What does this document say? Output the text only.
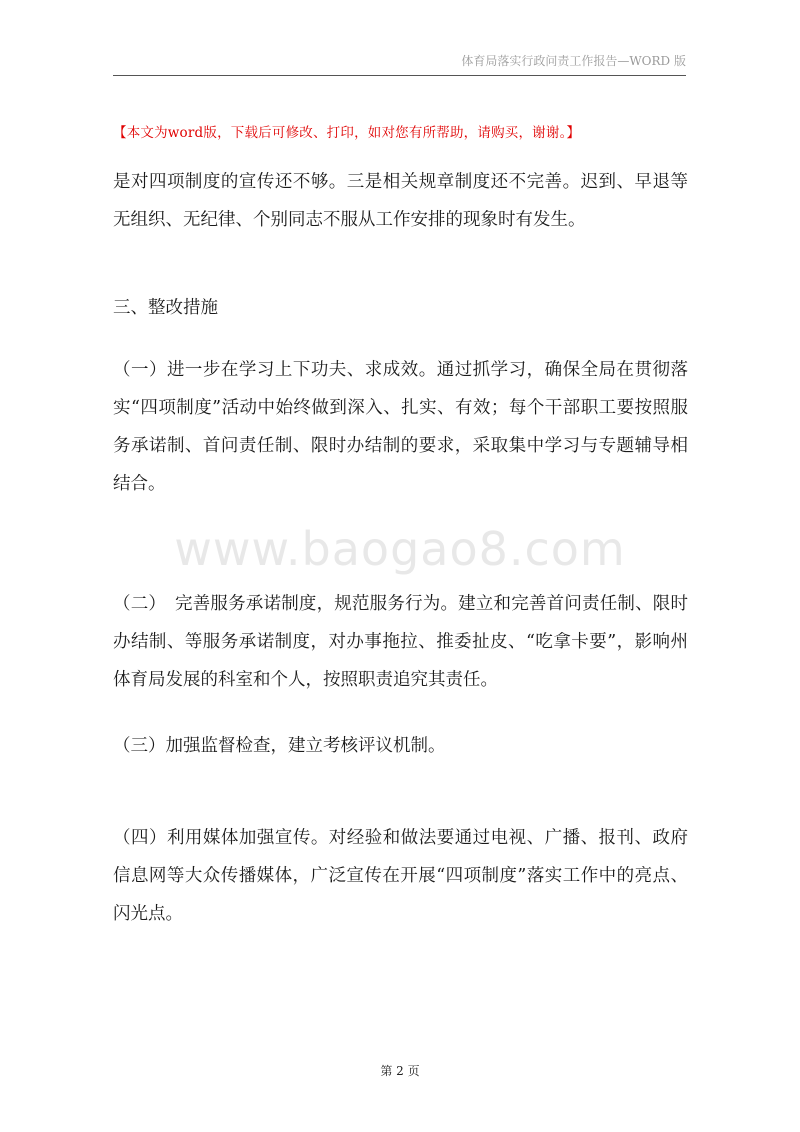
体育局落实行政问责工作报告—WORD 版
【本文为word版，下载后可修改、打印，如对您有所帮助，请购买，谢谢。】
www.baogao8.com

是对四项制度的宣传还不够。三是相关规章制度还不完善。迟到、早退等无组织、无纪律、个别同志不服从工作安排的现象时有发生。

三、整改措施

（一）进一步在学习上下功夫、求成效。通过抓学习，确保全局在贯彻落实“四项制度”活动中始终做到深入、扎实、有效；每个干部职工要按照服务承诺制、首问责任制、限时办结制的要求，采取集中学习与专题辅导相结合。

（二）　完善服务承诺制度，规范服务行为。建立和完善首问责任制、限时办结制、等服务承诺制度，对办事拖拉、推委扯皮、“吃拿卡要”，影响州体育局发展的科室和个人，按照职责追究其责任。

（三）加强监督检查，建立考核评议机制。

（四）利用媒体加强宣传。对经验和做法要通过电视、广播、报刊、政府信息网等大众传播媒体，广泛宣传在开展“四项制度”落实工作中的亮点、闪光点。

第 2 页
